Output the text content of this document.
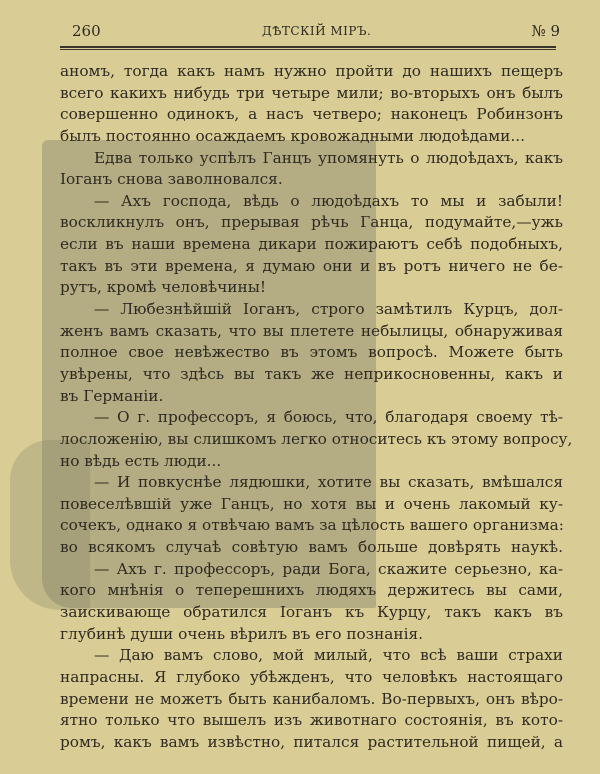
260	ДѢТСКІЙ МІРЪ.	№ 9
аномъ, тогда какъ намъ нужно пройти до нашихъ пещеръ
всего какихъ нибудь три четыре мили; во-вторыхъ онъ былъ
совершенно одинокъ, а насъ четверо; наконецъ Робинзонъ
былъ постоянно осаждаемъ кровожадными людоѣдами...
Едва только успѣлъ Ганцъ упомянуть о людоѣдахъ, какъ
Іоганъ снова заволновался.
— Ахъ господа, вѣдь о людоѣдахъ то мы и забыли!
воскликнулъ онъ, прерывая рѣчь Ганца, подумайте,—ужь
если въ наши времена дикари пожираютъ себѣ подобныхъ,
такъ въ эти времена, я думаю они и въ ротъ ничего не бе-
рутъ, кромѣ человѣчины!
— Любезнѣйшій Іоганъ, строго замѣтилъ Курцъ, дол-
женъ вамъ сказать, что вы плетете небылицы, обнаруживая
полное свое невѣжество въ этомъ вопросѣ. Можете быть
увѣрены, что здѣсь вы такъ же неприкосновенны, какъ и
въ Германіи.
— О г. профессоръ, я боюсь, что, благодаря своему тѣ-
лосложенію, вы слишкомъ легко относитесь къ этому вопросу,
но вѣдь есть люди...
— И повкуснѣе лядюшки, хотите вы сказать, вмѣшался
повеселѣвшій уже Ганцъ, но хотя вы и очень лакомый ку-
сочекъ, однако я отвѣчаю вамъ за цѣлость вашего организма:
во всякомъ случаѣ совѣтую вамъ больше довѣрять наукѣ.
— Ахъ г. профессоръ, ради Бога, скажите серьезно, ка-
кого мнѣнія о теперешнихъ людяхъ держитесь вы сами,
заискивающе обратился Іоганъ къ Курцу, такъ какъ въ
глубинѣ души очень вѣрилъ въ его познанія.
— Даю вамъ слово, мой милый, что всѣ ваши страхи
напрасны. Я глубоко убѣжденъ, что человѣкъ настоящаго
времени не можетъ быть канибаломъ. Во-первыхъ, онъ вѣро-
ятно только что вышелъ изъ животнаго состоянія, въ кото-
ромъ, какъ вамъ извѣстно, питался растительной пищей, а
